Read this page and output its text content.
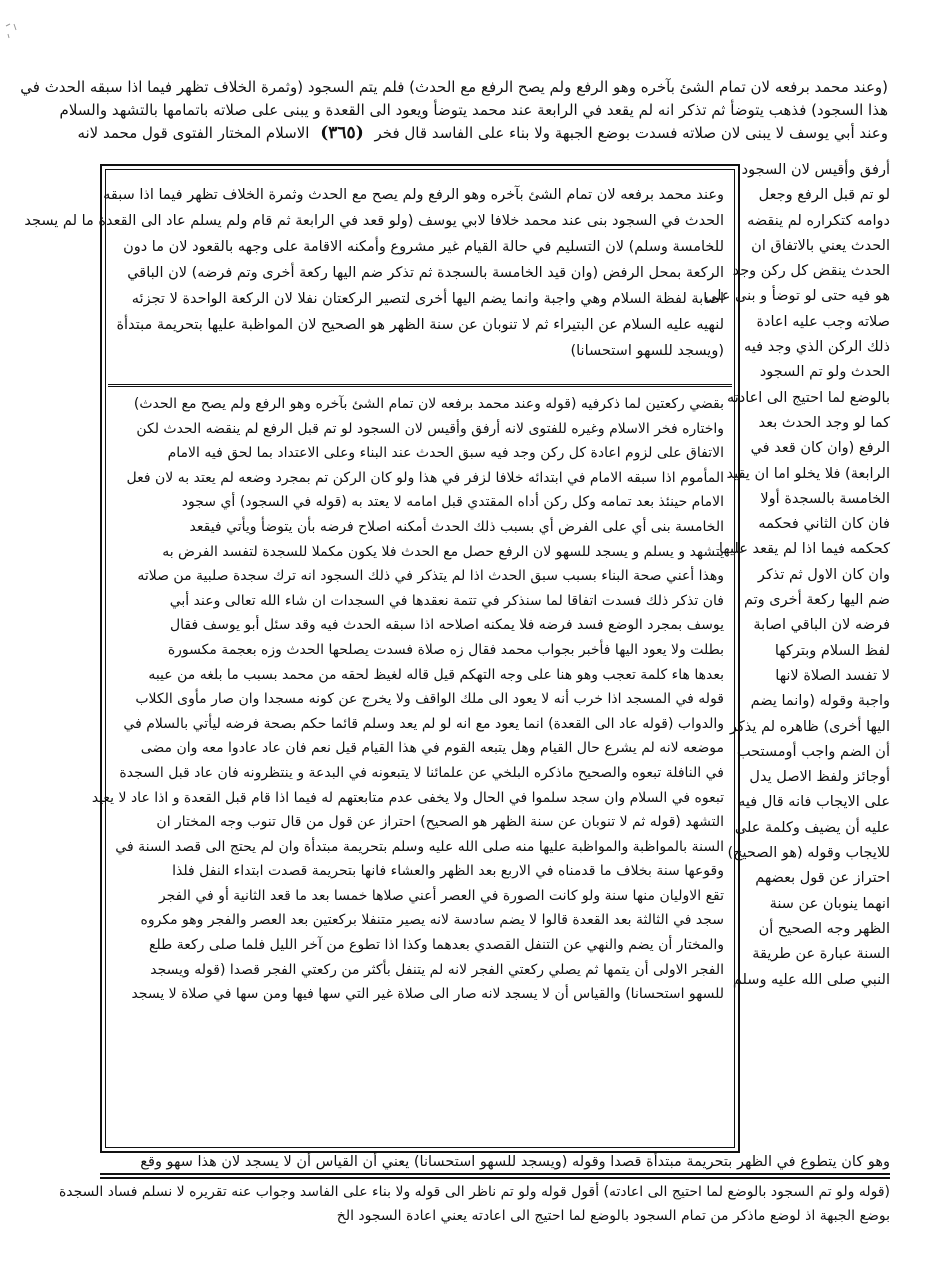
(وعند محمد برفعه لان تمام الشئ بآخره وهو الرفع ولم يصح الرفع مع الحدث) فلم يتم السجود (وثمرة الخلاف تظهر فيما اذا سبقه الحدث في
هذا السجود) فذهب يتوضأ ثم تذكر انه لم يقعد في الرابعة عند محمد يتوضأ ويعود الى القعدة و يبنى على صلاته باتمامها بالتشهد والسلام
وعند أبي يوسف لا يبنى لان صلاته فسدت بوضع الجبهة ولا بناء على الفاسد قال فخر (٣٦٥) الاسلام المختار الفتوى قول محمد لانه
أرفق وأقيس لان السجود
لو تم قبل الرفع وجعل
دوامه كتكراره لم ينقضه
الحدث يعني بالاتفاق ان
الحدث ينقض كل ركن وجد
هو فيه حتى لو توضأ و بنى على
صلاته وجب عليه اعادة
ذلك الركن الذي وجد فيه
الحدث ولو تم السجود
بالوضع لما احتيج الى اعادته
كما لو وجد الحدث بعد
الرفع (وان كان قعد في
الرابعة) فلا يخلو اما ان يقيد
الخامسة بالسجدة أولا
فان كان الثاني فحكمه
كحكمه فيما اذا لم يقعد عليها
وان كان الاول ثم تذكر
ضم اليها ركعة أخرى وتم
فرضه لان الباقي اصابة
لفظ السلام وبتركها
لا تفسد الصلاة لانها
واجبة وقوله (وانما يضم
اليها أخرى) ظاهره لم يذكر
أن الضم واجب أومستحب
أوجائز ولفظ الاصل يدل
على الايجاب فانه قال فيه
عليه أن يضيف وكلمة على
للايجاب وقوله (هو الصحيح)
احتراز عن قول بعضهم
انهما ينوبان عن سنة
الظهر وجه الصحيح أن
السنة عبارة عن طريقة
النبي صلى الله عليه وسلم
وعند محمد برفعه لان تمام الشئ بآخره وهو الرفع ولم يصح مع الحدث وثمرة الخلاف تظهر فيما اذا سبقه
الحدث في السجود بنى عند محمد خلافا لابي يوسف (ولو قعد في الرابعة ثم قام ولم يسلم عاد الى القعدة ما لم يسجد
للخامسة وسلم) لان التسليم في حالة القيام غير مشروع وأمكنه الاقامة على وجهه بالقعود لان ما دون
الركعة بمحل الرفض (وان قيد الخامسة بالسجدة ثم تذكر ضم اليها ركعة أخرى وتم فرضه) لان الباقي
اصابة لفظة السلام وهي واجبة وانما يضم اليها أخرى لتصير الركعتان نفلا لان الركعة الواحدة لا تجزئه
لنهيه عليه السلام عن البتيراء ثم لا تنوبان عن سنة الظهر هو الصحيح لان المواظبة عليها بتحريمة مبتدأة
(ويسجد للسهو استحسانا)
بقضي ركعتين لما ذكرفيه (قوله وعند محمد برفعه لان تمام الشئ بآخره وهو الرفع ولم يصح مع الحدث)
واختاره فخر الاسلام وغيره للفتوى لانه أرفق وأقيس لان السجود لو تم قبل الرفع لم ينقضه الحدث لكن
الاتفاق على لزوم اعادة كل ركن وجد فيه سبق الحدث عند البناء وعلى الاعتداد بما لحق فيه الامام
المأموم اذا سبقه الامام في ابتدائه خلافا لزفر في هذا ولو كان الركن تم بمجرد وضعه لم يعتد به لان فعل
الامام حينئذ بعد تمامه وكل ركن أداه المقتدي قبل امامه لا يعتد به (قوله في السجود) أي سجود
الخامسة بنى أي على الفرض أي بسبب ذلك الحدث أمكنه اصلاح فرضه بأن يتوضأ ويأتي فيقعد
يتشهد و يسلم و يسجد للسهو لان الرفع حصل مع الحدث فلا يكون مكملا للسجدة لتفسد الفرض به
وهذا أعني صحة البناء بسبب سبق الحدث اذا لم يتذكر في ذلك السجود انه ترك سجدة صلبية من صلاته
فان تذكر ذلك فسدت اتفاقا لما سنذكر في تتمة نعقدها في السجدات ان شاء الله تعالى وعند أبي
يوسف بمجرد الوضع فسد فرضه فلا يمكنه اصلاحه اذا سبقه الحدث فيه وقد سئل أبو يوسف فقال
بطلت ولا يعود اليها فأخبر بجواب محمد فقال زه صلاة فسدت يصلحها الحدث وزه بعجمة مكسورة
بعدها هاء كلمة تعجب وهو هنا على وجه التهكم قيل قاله لغيظ لحقه من محمد بسبب ما بلغه من عيبه
قوله في المسجد اذا خرب أنه لا يعود الى ملك الواقف ولا يخرج عن كونه مسجدا وان صار مأوى الكلاب
والدواب (قوله عاد الى القعدة) انما يعود مع انه لو لم يعد وسلم قائما حكم بصحة فرضه ليأتي بالسلام في
موضعه لانه لم يشرع حال القيام وهل يتبعه القوم في هذا القيام قيل نعم فان عاد عادوا معه وان مضى
في النافلة تبعوه والصحيح ماذكره البلخي عن علمائنا لا يتبعونه في البدعة و ينتظرونه فان عاد قبل السجدة
تبعوه في السلام وان سجد سلموا في الحال ولا يخفى عدم متابعتهم له فيما اذا قام قبل القعدة و اذا عاد لا يعيد
التشهد (قوله ثم لا تنوبان عن سنة الظهر هو الصحيح) احتراز عن قول من قال تنوب وجه المختار ان
السنة بالمواظبة والمواظبة عليها منه صلى الله عليه وسلم بتحريمة مبتدأة وان لم يحتج الى قصد السنة في
وقوعها سنة بخلاف ما قدمناه في الاربع بعد الظهر والعشاء فانها بتحريمة قصدت ابتداء النفل فلذا
تقع الاوليان منها سنة ولو كانت الصورة في العصر أعني صلاها خمسا بعد ما قعد الثانية أو في الفجر
سجد في الثالثة بعد القعدة قالوا لا يضم سادسة لانه يصير متنفلا بركعتين بعد العصر والفجر وهو مكروه
والمختار أن يضم والنهي عن التنفل القصدي بعدهما وكذا اذا تطوع من آخر الليل فلما صلى ركعة طلع
الفجر الاولى أن يتمها ثم يصلي ركعتي الفجر لانه لم يتنفل بأكثر من ركعتي الفجر قصدا (قوله ويسجد
للسهو استحسانا) والقياس أن لا يسجد لانه صار الى صلاة غير التي سها فيها ومن سها في صلاة لا يسجد
وهو كان يتطوع في الظهر بتحريمة مبتدأة قصدا وقوله (ويسجد للسهو استحسانا) يعني أن القياس أن لا يسجد لان هذا سهو وقع
(قوله ولو تم السجود بالوضع لما احتيج الى اعادته) أقول قوله ولو تم ناظر الى قوله ولا بناء على الفاسد وجواب عنه تقريره لا نسلم فساد السجدة
بوضع الجبهة اذ لوضع ماذكر من تمام السجود بالوضع لما احتيج الى اعادته يعني اعادة السجود الخ
